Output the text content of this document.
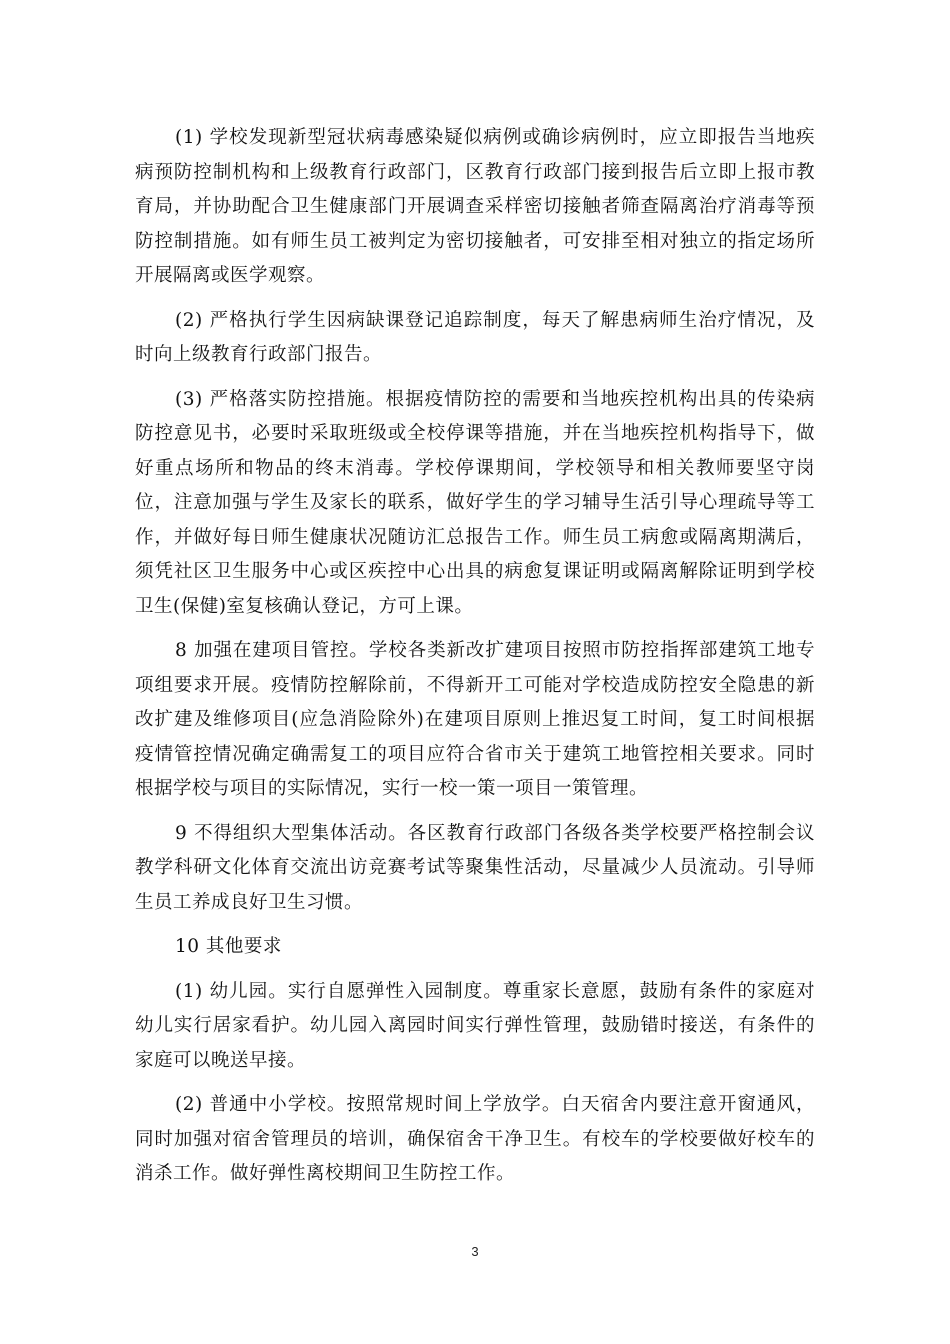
(1) 学校发现新型冠状病毒感染疑似病例或确诊病例时，应立即报告当地疾病预防控制机构和上级教育行政部门，区教育行政部门接到报告后立即上报市教育局，并协助配合卫生健康部门开展调查采样密切接触者筛查隔离治疗消毒等预防控制措施。如有师生员工被判定为密切接触者，可安排至相对独立的指定场所开展隔离或医学观察。

(2) 严格执行学生因病缺课登记追踪制度，每天了解患病师生治疗情况，及时向上级教育行政部门报告。

(3) 严格落实防控措施。根据疫情防控的需要和当地疾控机构出具的传染病防控意见书，必要时采取班级或全校停课等措施，并在当地疾控机构指导下，做好重点场所和物品的终末消毒。学校停课期间，学校领导和相关教师要坚守岗位，注意加强与学生及家长的联系，做好学生的学习辅导生活引导心理疏导等工作，并做好每日师生健康状况随访汇总报告工作。师生员工病愈或隔离期满后，须凭社区卫生服务中心或区疾控中心出具的病愈复课证明或隔离解除证明到学校卫生(保健)室复核确认登记，方可上课。

8 加强在建项目管控。学校各类新改扩建项目按照市防控指挥部建筑工地专项组要求开展。疫情防控解除前，不得新开工可能对学校造成防控安全隐患的新改扩建及维修项目(应急消险除外)在建项目原则上推迟复工时间，复工时间根据疫情管控情况确定确需复工的项目应符合省市关于建筑工地管控相关要求。同时根据学校与项目的实际情况，实行一校一策一项目一策管理。

9 不得组织大型集体活动。各区教育行政部门各级各类学校要严格控制会议教学科研文化体育交流出访竞赛考试等聚集性活动，尽量减少人员流动。引导师生员工养成良好卫生习惯。

10 其他要求

(1) 幼儿园。实行自愿弹性入园制度。尊重家长意愿，鼓励有条件的家庭对幼儿实行居家看护。幼儿园入离园时间实行弹性管理，鼓励错时接送，有条件的家庭可以晚送早接。

(2) 普通中小学校。按照常规时间上学放学。白天宿舍内要注意开窗通风，同时加强对宿舍管理员的培训，确保宿舍干净卫生。有校车的学校要做好校车的消杀工作。做好弹性离校期间卫生防控工作。

3
